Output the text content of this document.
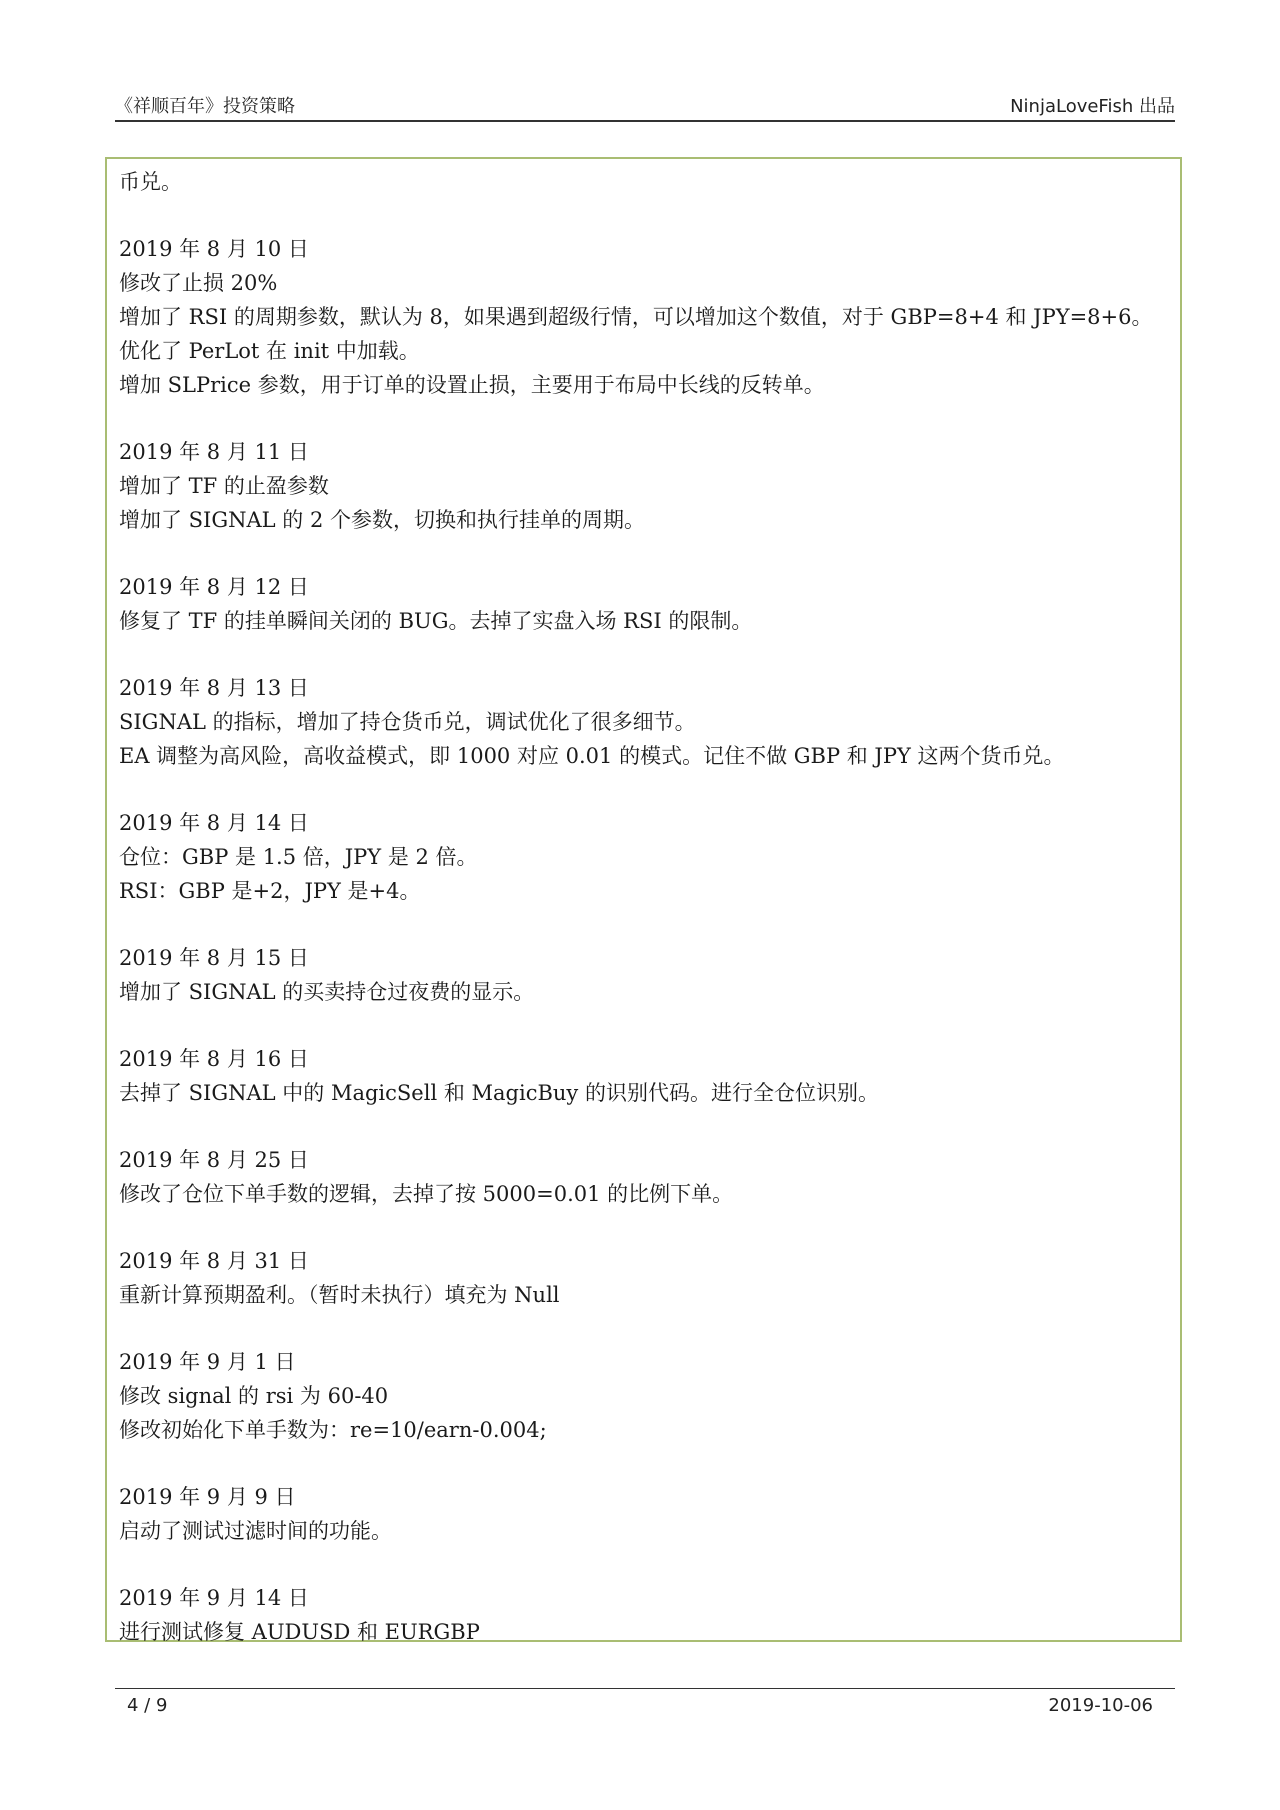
《祥顺百年》投资策略	NinjaLoveFish 出品
币兑。
2019 年 8 月 10 日
修改了止损 20%
增加了 RSI 的周期参数，默认为 8，如果遇到超级行情，可以增加这个数值，对于 GBP=8+4 和 JPY=8+6。
优化了 PerLot 在 init 中加载。
增加 SLPrice 参数，用于订单的设置止损，主要用于布局中长线的反转单。
2019 年 8 月 11 日
增加了 TF 的止盈参数
增加了 SIGNAL 的 2 个参数，切换和执行挂单的周期。
2019 年 8 月 12 日
修复了 TF 的挂单瞬间关闭的 BUG。去掉了实盘入场 RSI 的限制。
2019 年 8 月 13 日
SIGNAL 的指标，增加了持仓货币兑，调试优化了很多细节。
EA 调整为高风险，高收益模式，即 1000 对应 0.01 的模式。记住不做 GBP 和 JPY 这两个货币兑。
2019 年 8 月 14 日
仓位：GBP 是 1.5 倍，JPY 是 2 倍。
RSI：GBP 是+2，JPY 是+4。
2019 年 8 月 15 日
增加了 SIGNAL 的买卖持仓过夜费的显示。
2019 年 8 月 16 日
去掉了 SIGNAL 中的 MagicSell 和 MagicBuy 的识别代码。进行全仓位识别。
2019 年 8 月 25 日
修改了仓位下单手数的逻辑，去掉了按 5000=0.01 的比例下单。
2019 年 8 月 31 日
重新计算预期盈利。（暂时未执行）填充为 Null
2019 年 9 月 1 日
修改 signal 的 rsi 为 60-40
修改初始化下单手数为：re=10/earn-0.004;
2019 年 9 月 9 日
启动了测试过滤时间的功能。
2019 年 9 月 14 日
进行测试修复 AUDUSD 和 EURGBP
4 / 9	2019-10-06
